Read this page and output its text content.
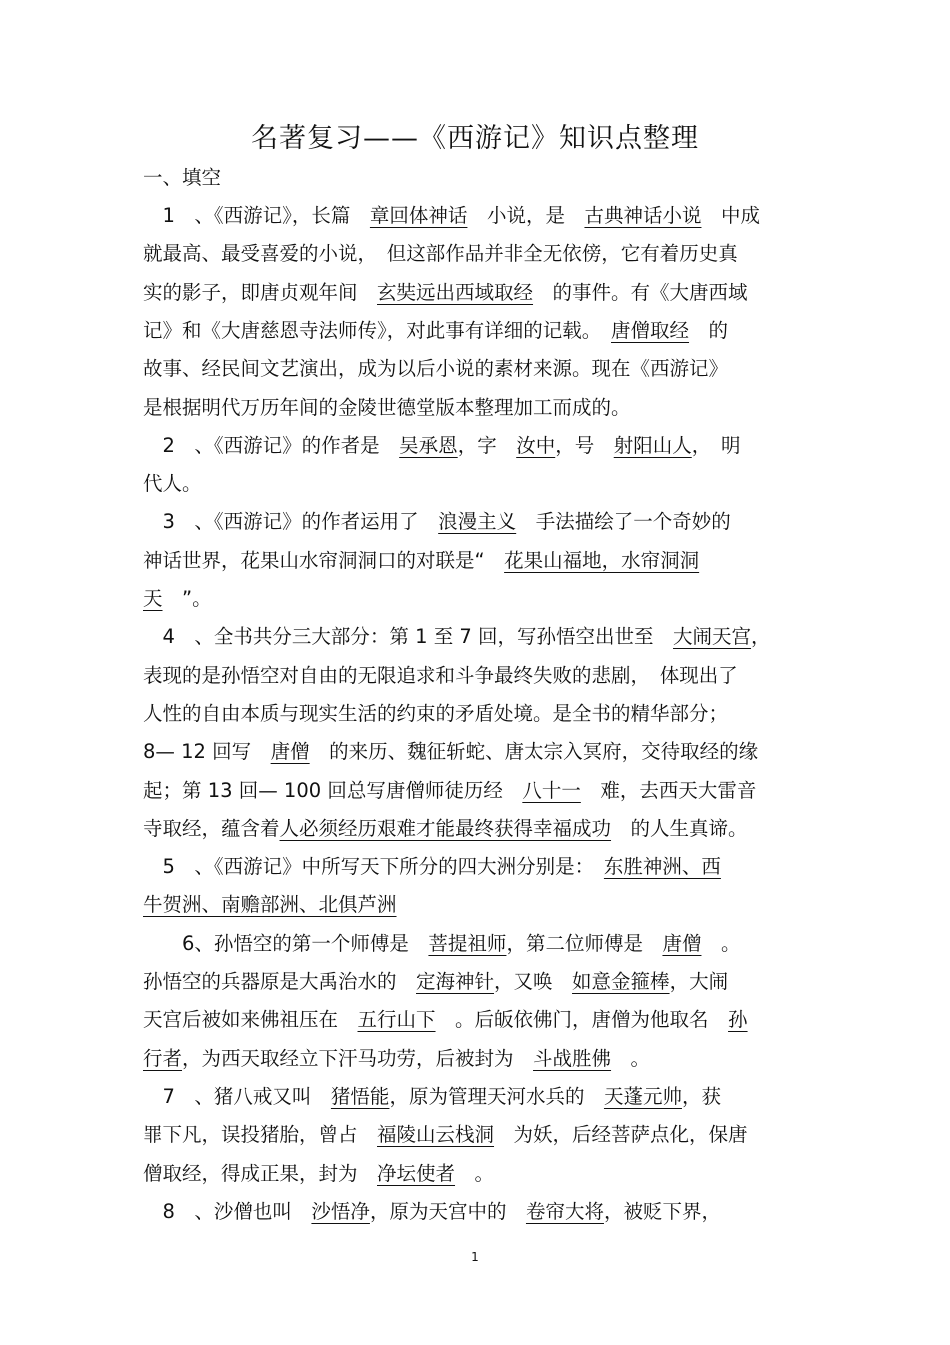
名著复习——《西游记》知识点整理
一、填空
　1　、《西游记》，长篇　章回体神话　小说，是　古典神话小说　中成
就最高、最受喜爱的小说，　但这部作品并非全无依傍，它有着历史真
实的影子，即唐贞观年间　玄奘远出西域取经　的事件。有《大唐西域
记》和《大唐慈恩寺法师传》，对此事有详细的记载。　唐僧取经　的
故事、经民间文艺演出，成为以后小说的素材来源。现在《西游记》
是根据明代万历年间的金陵世德堂版本整理加工而成的。
　2　、《西游记》的作者是　吴承恩，字　汝中，号　射阳山人，　明
代人。
　3　、《西游记》的作者运用了　浪漫主义　手法描绘了一个奇妙的
神话世界，花果山水帘洞洞口的对联是“　花果山福地，水帘洞洞
天　”。
　4　、全书共分三大部分：第 1 至 7 回，写孙悟空出世至　大闹天宫，
表现的是孙悟空对自由的无限追求和斗争最终失败的悲剧，　体现出了
人性的自由本质与现实生活的约束的矛盾处境。是全书的精华部分；
8— 12 回写　唐僧　的来历、魏征斩蛇、唐太宗入冥府，交待取经的缘
起；第 13 回— 100 回总写唐僧师徒历经　八十一　难，去西天大雷音
寺取经，蕴含着人必须经历艰难才能最终获得幸福成功　的人生真谛。
　5　、《西游记》中所写天下所分的四大洲分别是：　东胜神洲、西
牛贺洲、南赡部洲、北俱芦洲
　　6、孙悟空的第一个师傅是　菩提祖师，第二位师傅是　唐僧　。
孙悟空的兵器原是大禹治水的　定海神针，又唤　如意金箍棒，大闹
天宫后被如来佛祖压在　五行山下　。后皈依佛门，唐僧为他取名　孙
行者，为西天取经立下汗马功劳，后被封为　斗战胜佛　。
　7　、猪八戒又叫　猪悟能，原为管理天河水兵的　天蓬元帅，获
罪下凡，误投猪胎，曾占　福陵山云栈洞　为妖，后经菩萨点化，保唐
僧取经，得成正果，封为　净坛使者　。
　8　、沙僧也叫　沙悟净，原为天宫中的　卷帘大将，被贬下界，
1
